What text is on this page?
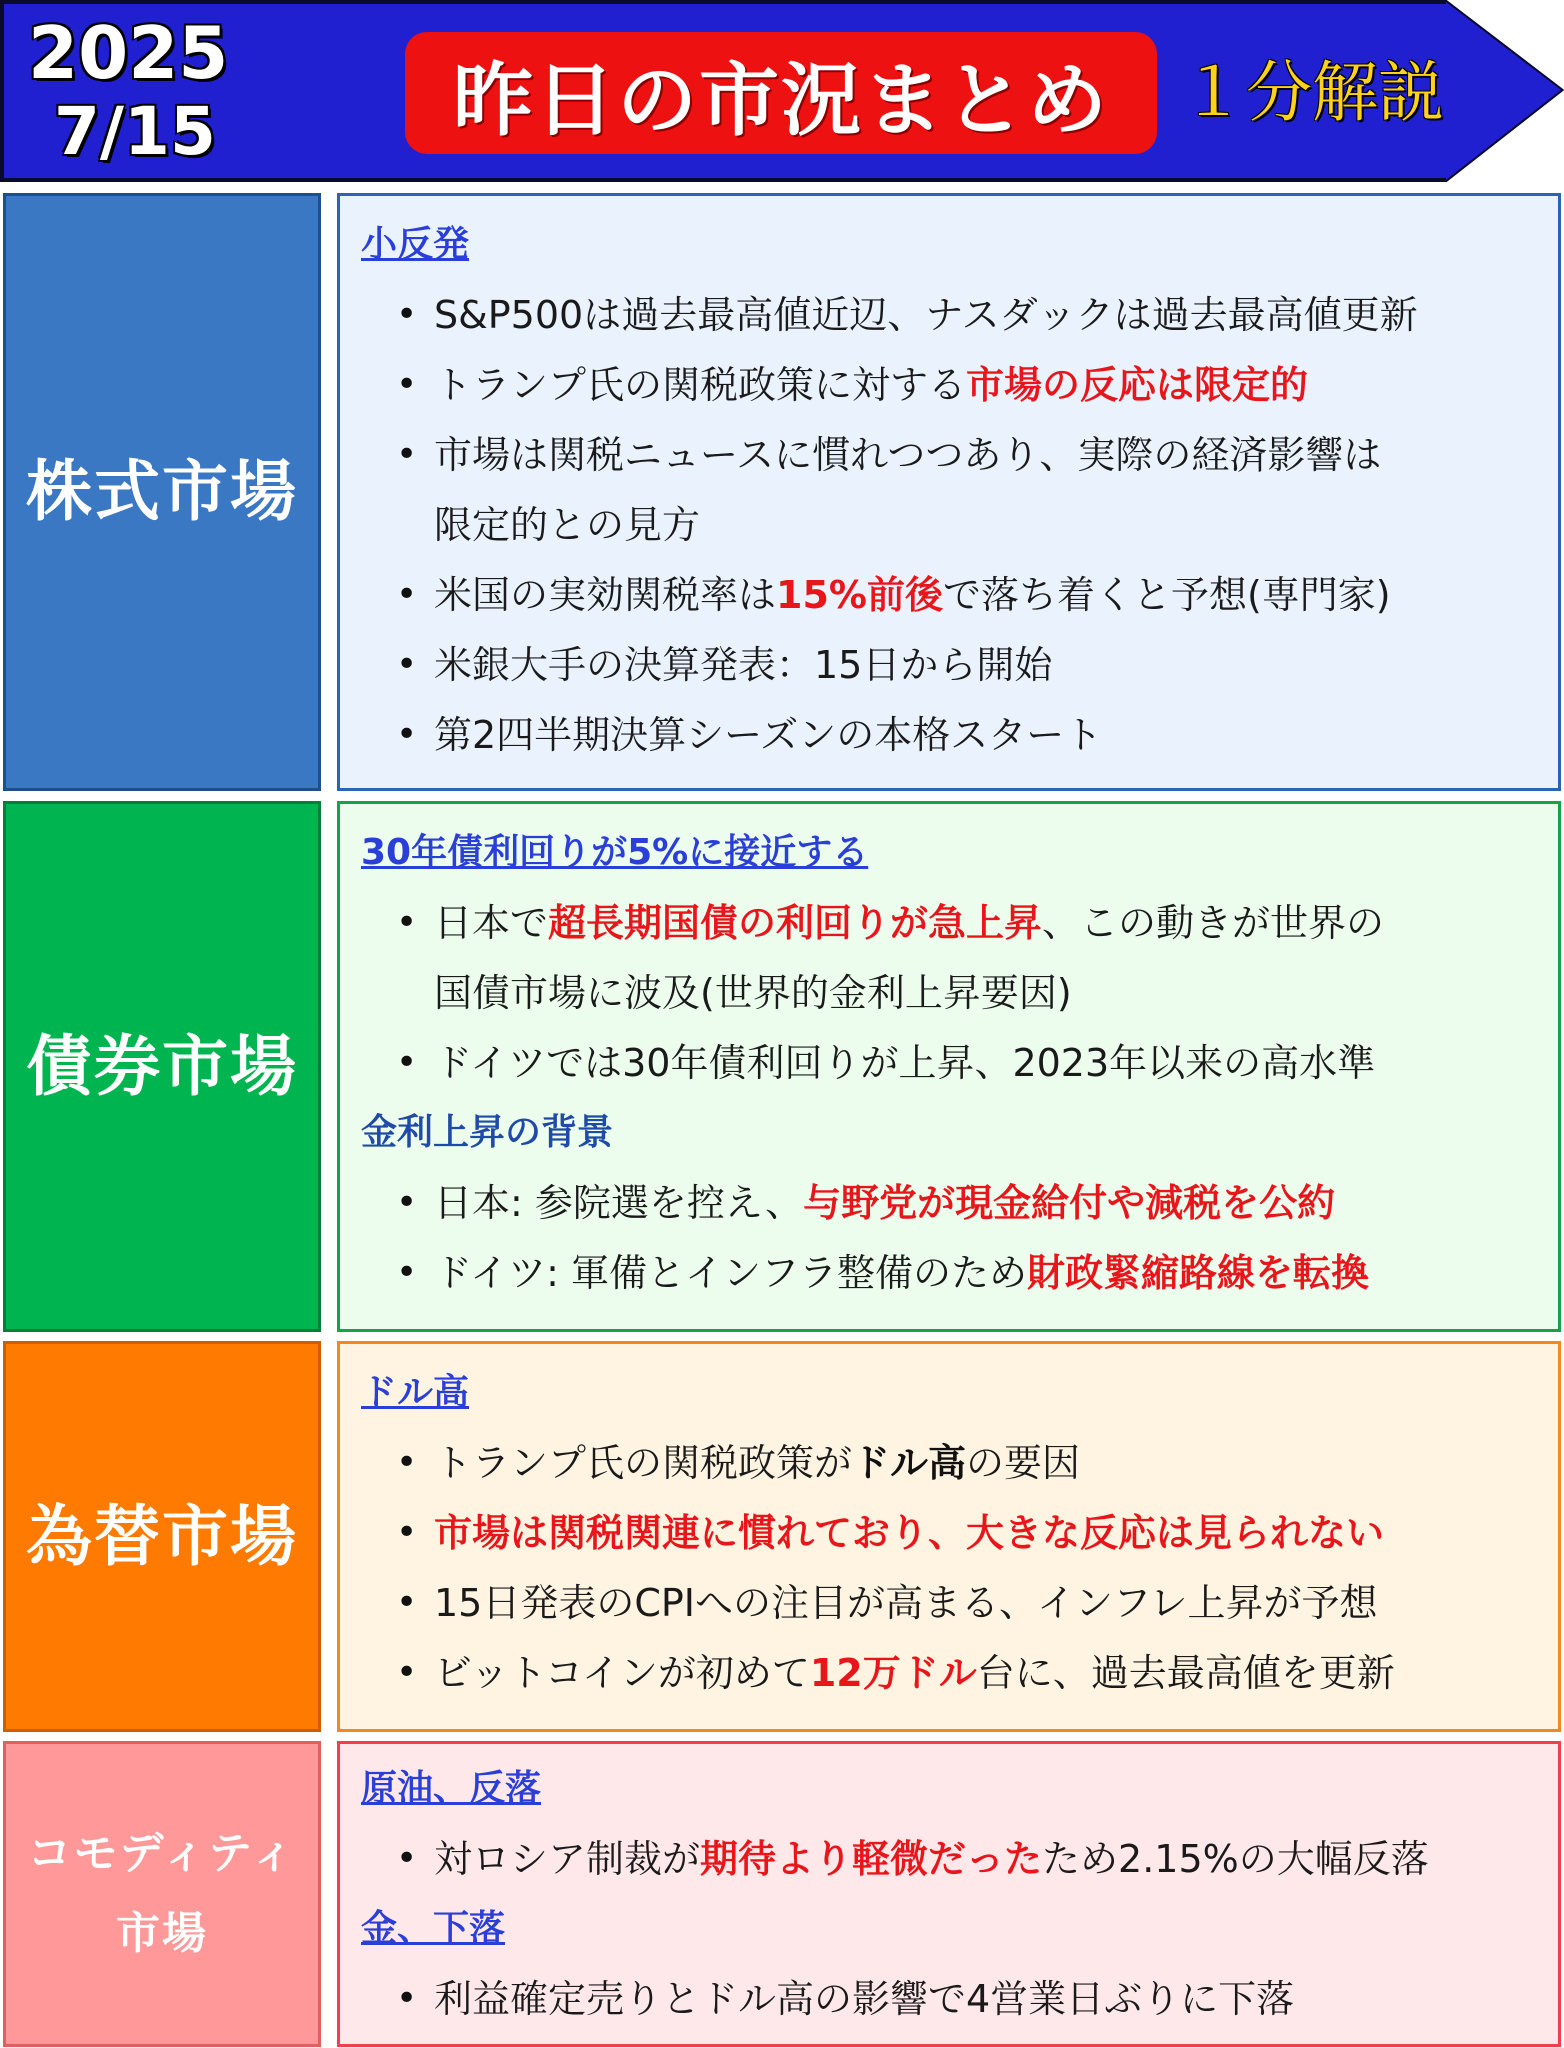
2025
7/15	昨日の市況まとめ １分解説
株式市場
小反発
• S&P500は過去最高値近辺、ナスダックは過去最高値更新
• トランプ氏の関税政策に対する市場の反応は限定的
• 市場は関税ニュースに慣れつつあり、実際の経済影響は
限定的との見方
• 米国の実効関税率は15%前後で落ち着くと予想(専門家)
• 米銀大手の決算発表：15日から開始
• 第2四半期決算シーズンの本格スタート
債券市場
30年債利回りが5%に接近する
• 日本で超長期国債の利回りが急上昇、この動きが世界の
国債市場に波及(世界的金利上昇要因)
• ドイツでは30年債利回りが上昇、2023年以来の高水準
金利上昇の背景
• 日本: 参院選を控え、与野党が現金給付や減税を公約
• ドイツ: 軍備とインフラ整備のため財政緊縮路線を転換
為替市場
ドル高
• トランプ氏の関税政策がドル高の要因
• 市場は関税関連に慣れており、大きな反応は見られない
• 15日発表のCPIへの注目が高まる、インフレ上昇が予想
• ビットコインが初めて12万ドル台に、過去最高値を更新
コモディティ
市場
原油、反落
• 対ロシア制裁が期待より軽微だったため2.15%の大幅反落
金、下落
• 利益確定売りとドル高の影響で4営業日ぶりに下落
